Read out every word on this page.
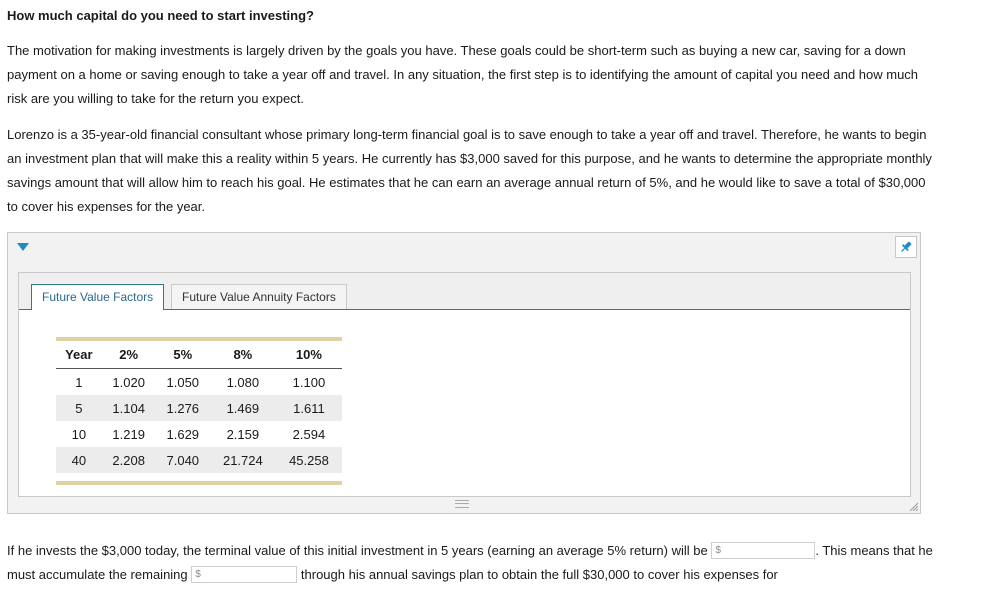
How much capital do you need to start investing?

The motivation for making investments is largely driven by the goals you have. These goals could be short-term such as buying a new car, saving for a down payment on a home or saving enough to take a year off and travel. In any situation, the first step is to identifying the amount of capital you need and how much risk are you willing to take for the return you expect.

Lorenzo is a 35-year-old financial consultant whose primary long-term financial goal is to save enough to take a year off and travel. Therefore, he wants to begin an investment plan that will make this a reality within 5 years. He currently has $3,000 saved for this purpose, and he wants to determine the appropriate monthly savings amount that will allow him to reach his goal. He estimates that he can earn an average annual return of 5%, and he would like to save a total of $30,000 to cover his expenses for the year.

Future Value Factors	Future Value Annuity Factors
Year	2%	5%	8%	10%
1	1.020	1.050	1.080	1.100
5	1.104	1.276	1.469	1.611
10	1.219	1.629	2.159	2.594
40	2.208	7.040	21.724	45.258

If he invests the $3,000 today, the terminal value of this initial investment in 5 years (earning an average 5% return) will be $	. This means that he must accumulate the remaining $	through his annual savings plan to obtain the full $30,000 to cover his expenses for
